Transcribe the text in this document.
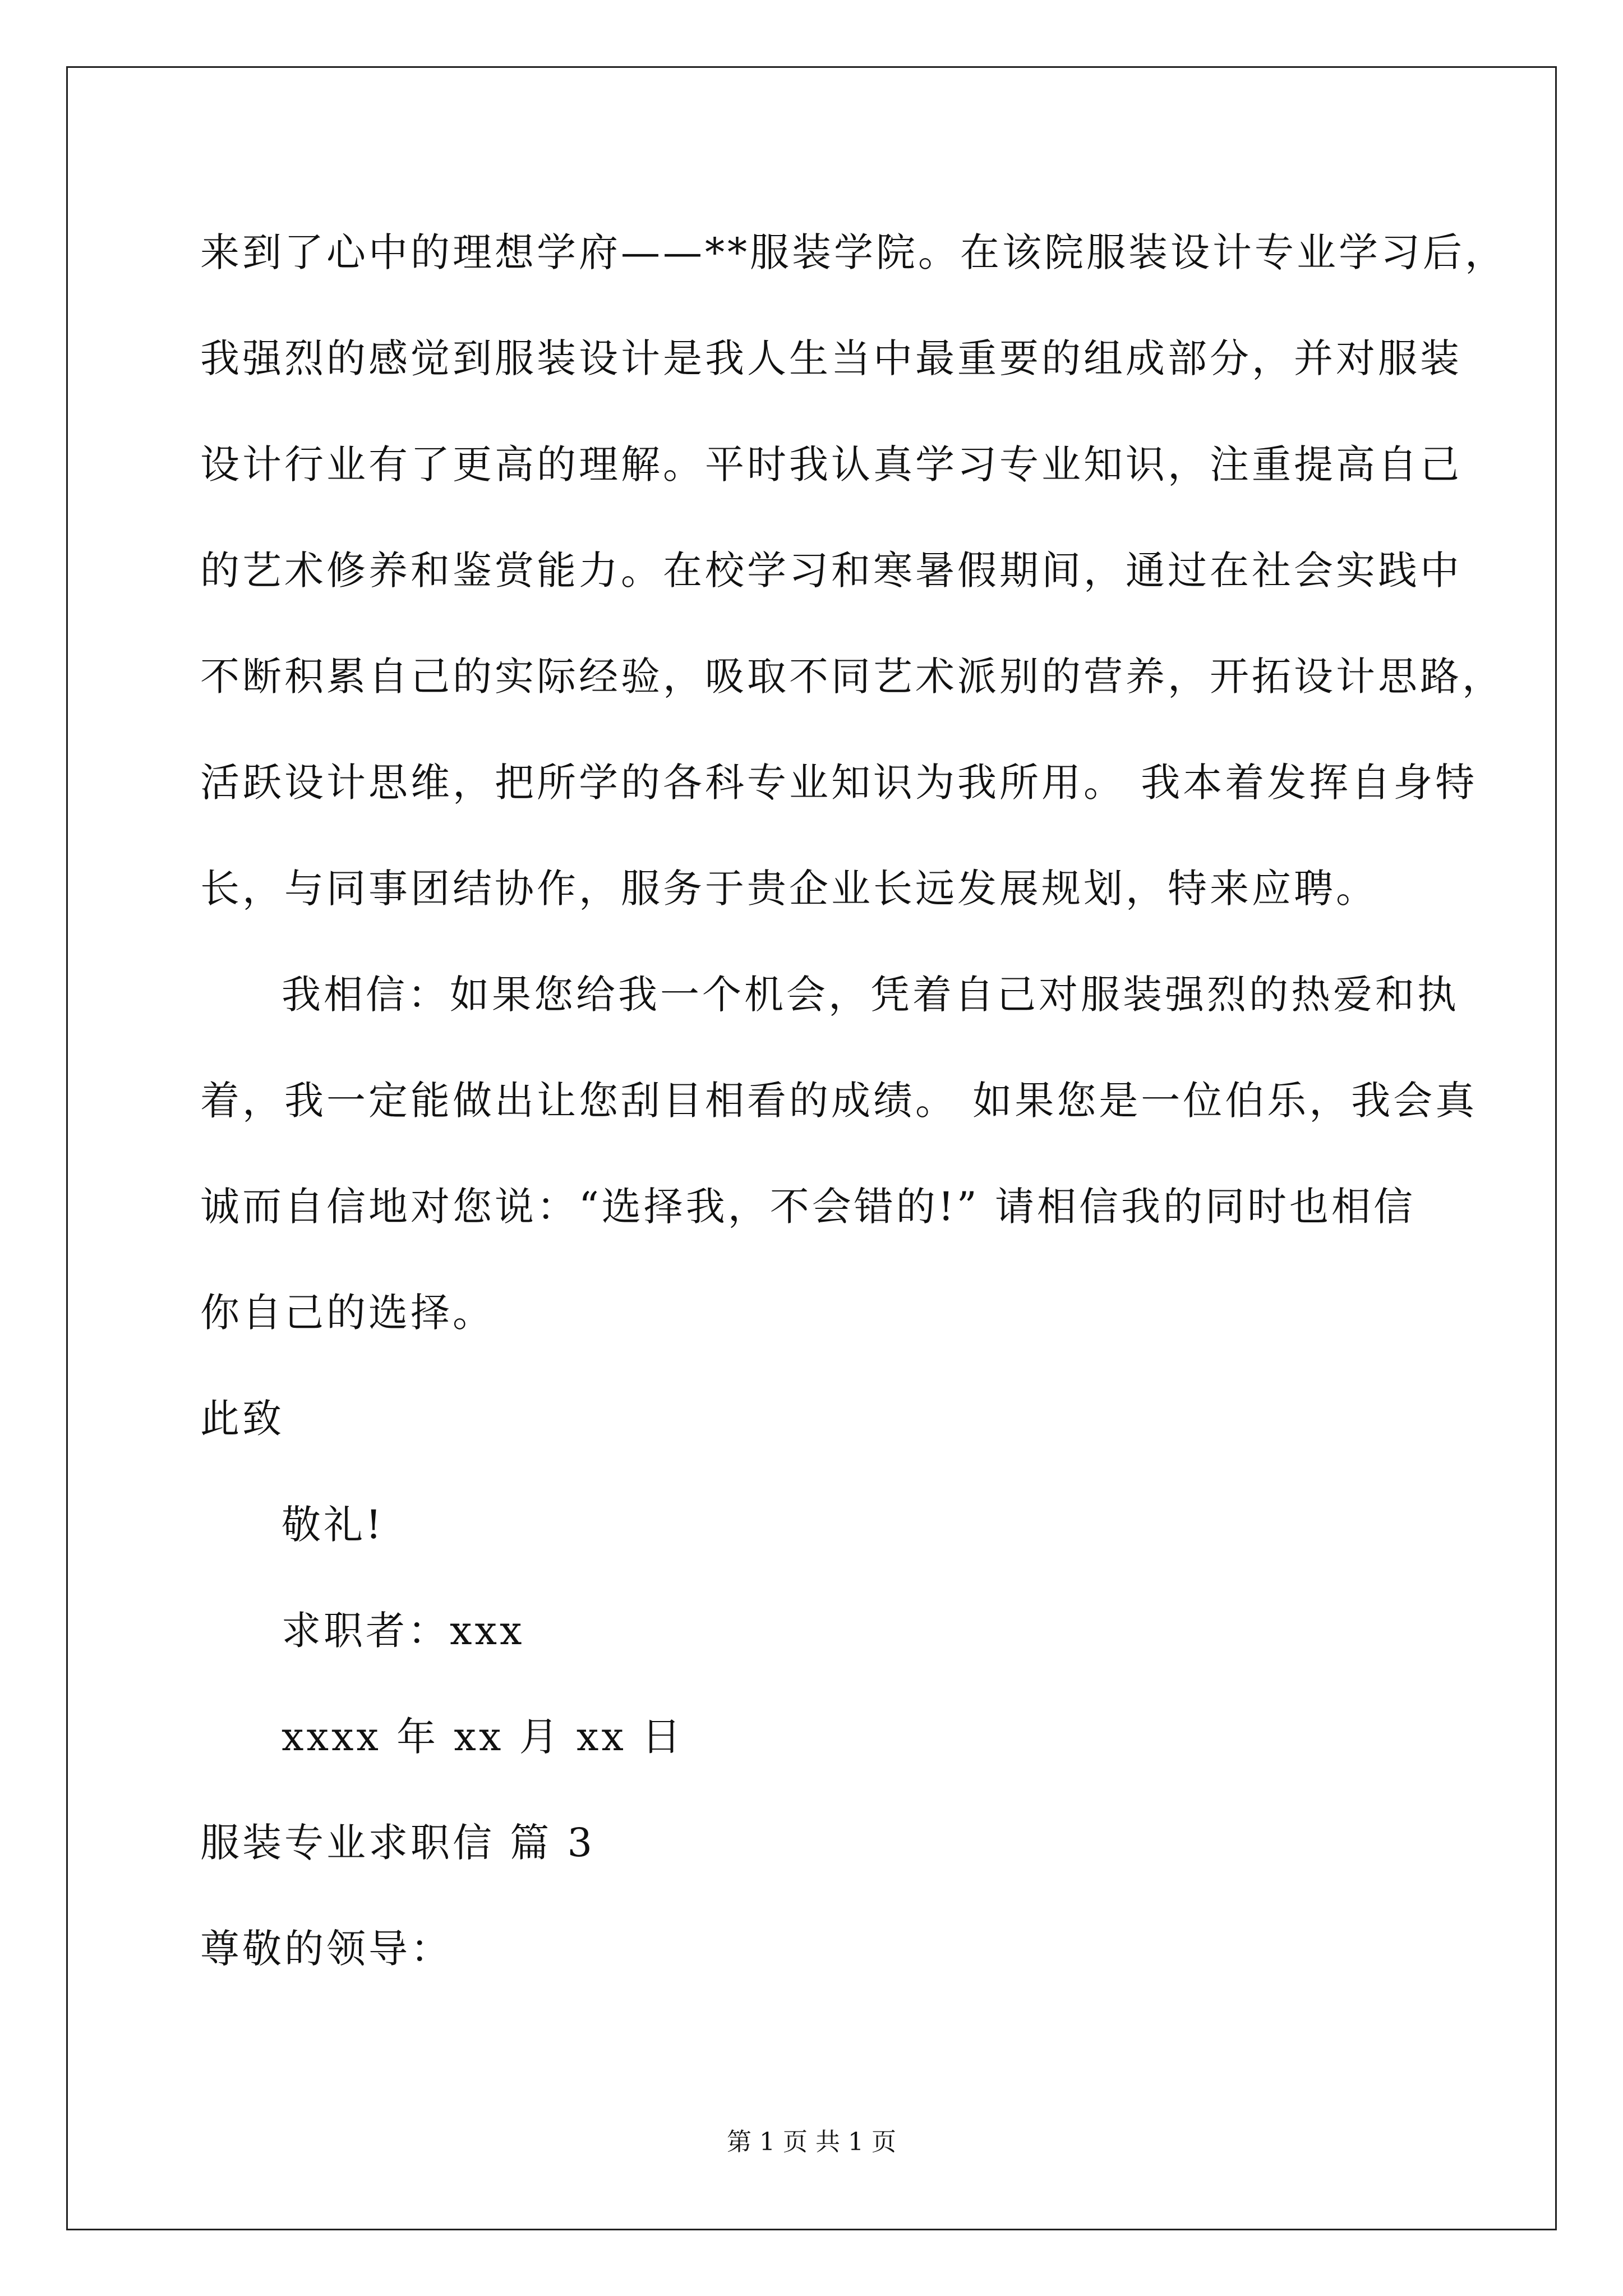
来到了心中的理想学府——**服装学院。在该院服装设计专业学习后，
我强烈的感觉到服装设计是我人生当中最重要的组成部分，并对服装
设计行业有了更高的理解。平时我认真学习专业知识，注重提高自己
的艺术修养和鉴赏能力。在校学习和寒暑假期间，通过在社会实践中
不断积累自己的实际经验，吸取不同艺术派别的营养，开拓设计思路，
活跃设计思维，把所学的各科专业知识为我所用。 我本着发挥自身特
长，与同事团结协作，服务于贵企业长远发展规划，特来应聘。
我相信：如果您给我一个机会，凭着自己对服装强烈的热爱和执
着，我一定能做出让您刮目相看的成绩。 如果您是一位伯乐，我会真
诚而自信地对您说：“选择我，不会错的!” 请相信我的同时也相信
你自己的选择。
此致
敬礼!
求职者：xxx
xxxx 年 xx 月 xx 日
服装专业求职信 篇 3
尊敬的领导：
第 1 页 共 1 页
